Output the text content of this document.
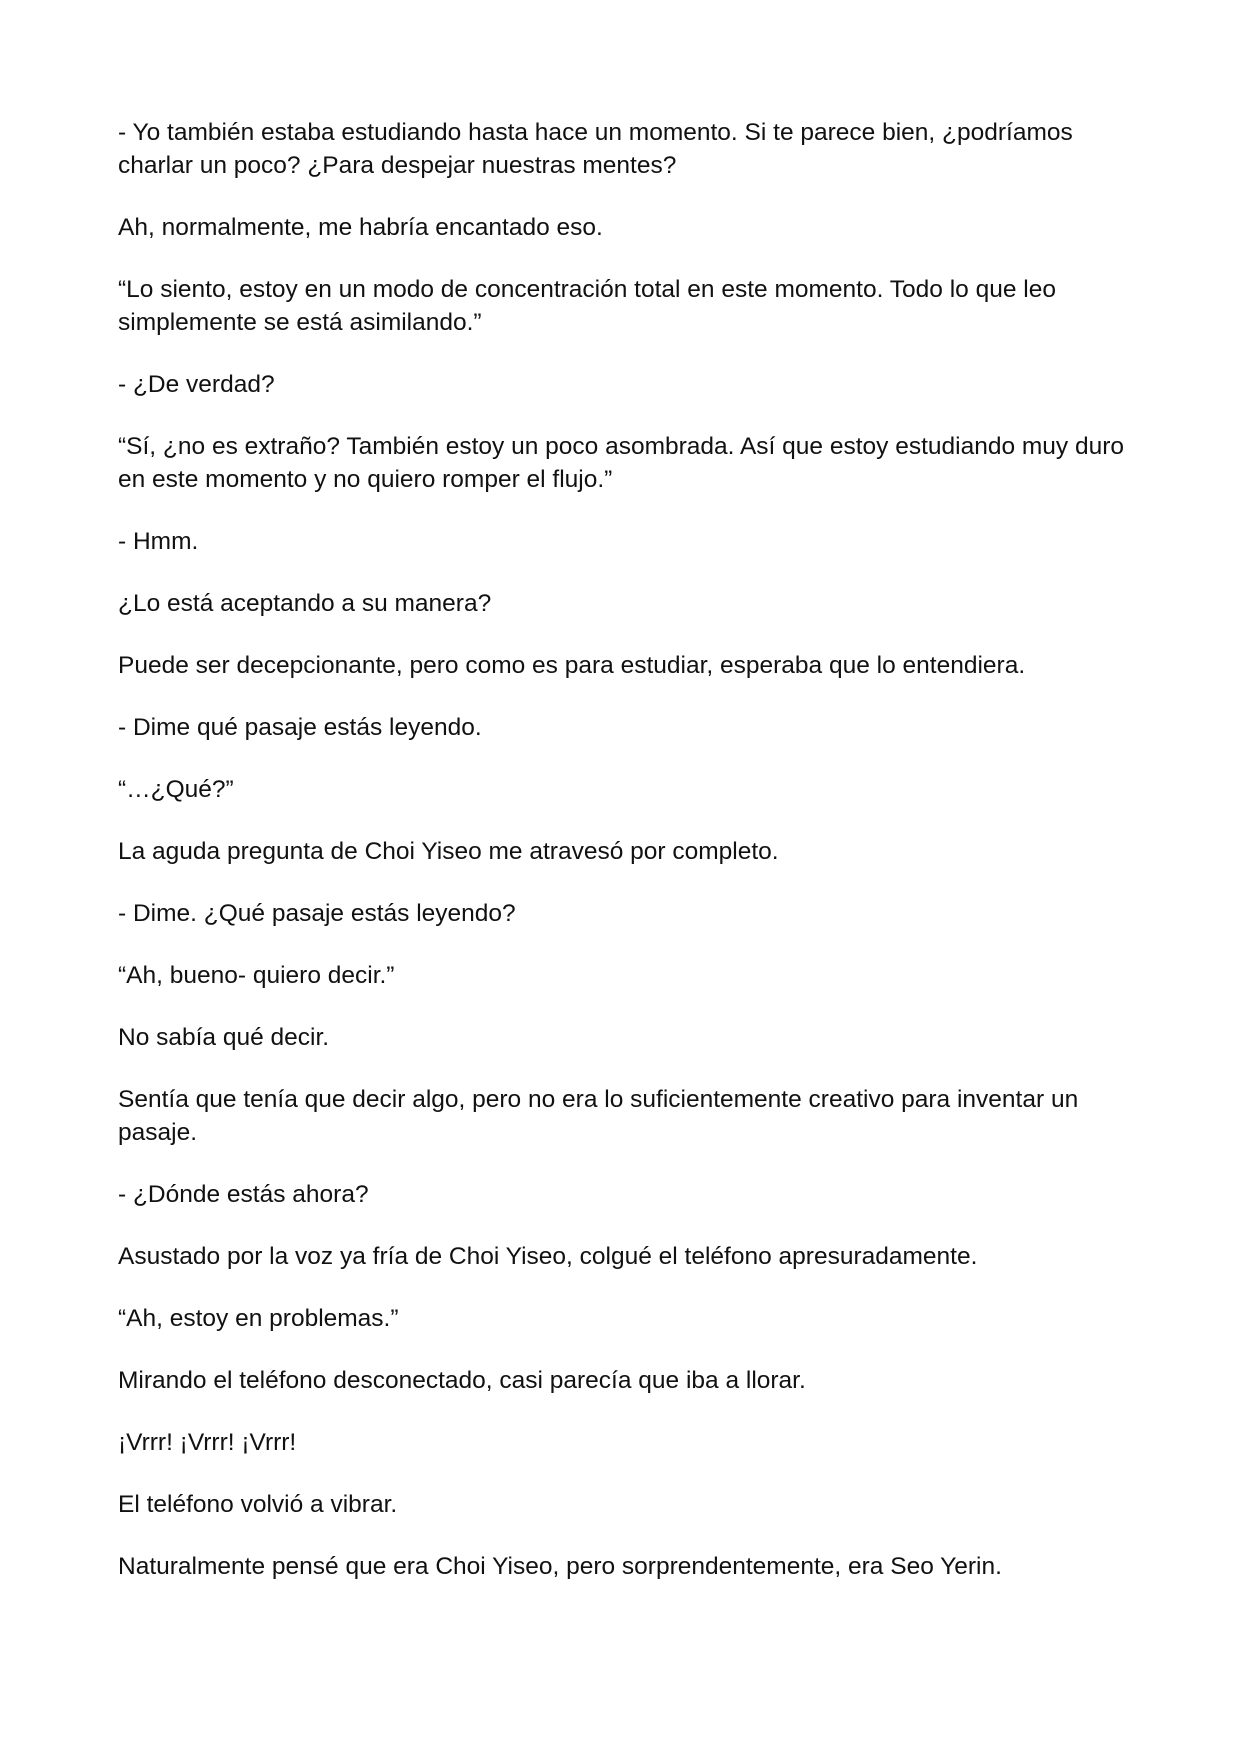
- Yo también estaba estudiando hasta hace un momento. Si te parece bien, ¿podríamos charlar un poco? ¿Para despejar nuestras mentes?

Ah, normalmente, me habría encantado eso.

“Lo siento, estoy en un modo de concentración total en este momento. Todo lo que leo simplemente se está asimilando.”

- ¿De verdad?

“Sí, ¿no es extraño? También estoy un poco asombrada. Así que estoy estudiando muy duro en este momento y no quiero romper el flujo.”

- Hmm.

¿Lo está aceptando a su manera?

Puede ser decepcionante, pero como es para estudiar, esperaba que lo entendiera.

- Dime qué pasaje estás leyendo.

“…¿Qué?”

La aguda pregunta de Choi Yiseo me atravesó por completo.

- Dime. ¿Qué pasaje estás leyendo?

“Ah, bueno- quiero decir.”

No sabía qué decir.

Sentía que tenía que decir algo, pero no era lo suficientemente creativo para inventar un pasaje.

- ¿Dónde estás ahora?

Asustado por la voz ya fría de Choi Yiseo, colgué el teléfono apresuradamente.

“Ah, estoy en problemas.”

Mirando el teléfono desconectado, casi parecía que iba a llorar.

¡Vrrr! ¡Vrrr! ¡Vrrr!

El teléfono volvió a vibrar.

Naturalmente pensé que era Choi Yiseo, pero sorprendentemente, era Seo Yerin.
